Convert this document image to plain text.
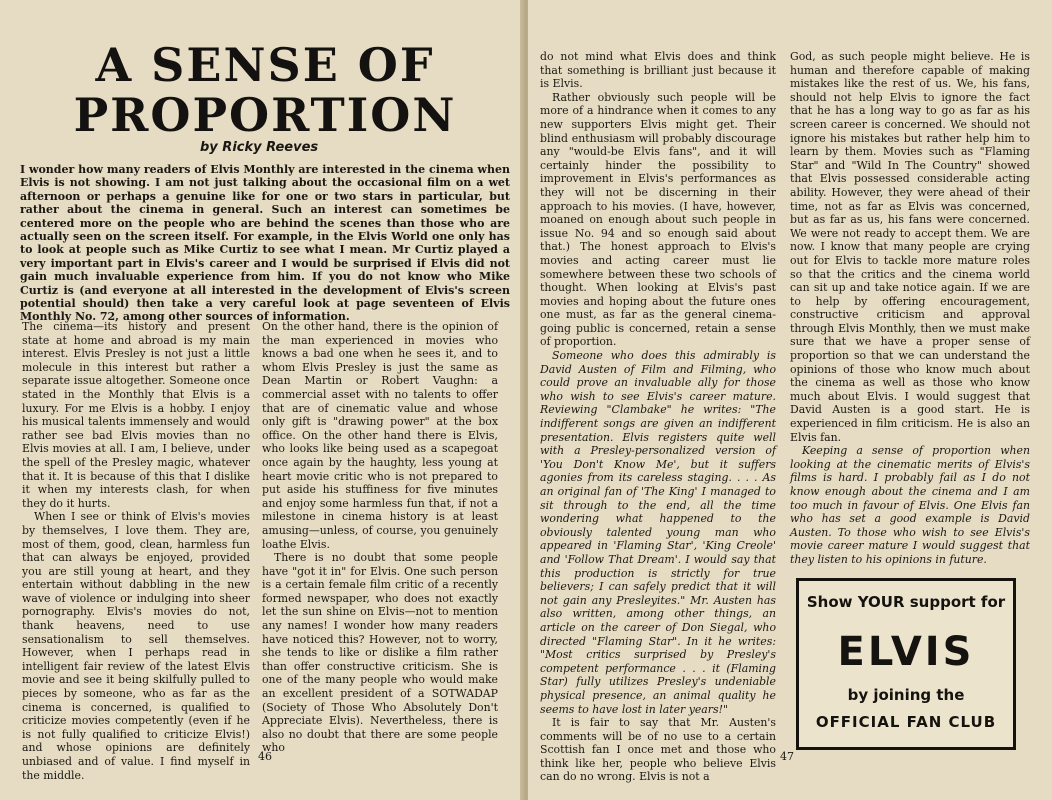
A SENSE OF PROPORTION
by Ricky Reeves

I wonder how many readers of Elvis Monthly are interested in the cinema when Elvis is not showing. I am not just talking about the occasional film on a wet afternoon or perhaps a genuine like for one or two stars in particular, but rather about the cinema in general. Such an interest can sometimes be centered more on the people who are behind the scenes than those who are actually seen on the screen itself. For example, in the Elvis World one only has to look at people such as Mike Curtiz to see what I mean. Mr Curtiz played a very important part in Elvis's career and I would be surprised if Elvis did not gain much invaluable experience from him. If you do not know who Mike Curtiz is (and everyone at all interested in the development of Elvis's screen potential should) then take a very careful look at page seventeen of Elvis Monthly No. 72, among other sources of information.

The cinema—its history and present state at home and abroad is my main interest. Elvis Presley is not just a little molecule in this interest but rather a separate issue altogether. Someone once stated in the Monthly that Elvis is a luxury. For me Elvis is a hobby. I enjoy his musical talents immensely and would rather see bad Elvis movies than no Elvis movies at all. I am, I believe, under the spell of the Presley magic, whatever that it. It is because of this that I dislike it when my interests clash, for when they do it hurts.

When I see or think of Elvis's movies by themselves, I love them. They are, most of them, good, clean, harmless fun that can always be enjoyed, provided you are still young at heart, and they entertain without dabbling in the new wave of violence or indulging into sheer pornography. Elvis's movies do not, thank heavens, need to use sensationalism to sell themselves. However, when I perhaps read in intelligent fair review of the latest Elvis movie and see it being skilfully pulled to pieces by someone, who as far as the cinema is concerned, is qualified to criticize movies competently (even if he is not fully qualified to criticize Elvis!) and whose opinions are definitely unbiased and of value. I find myself in the middle.

On the other hand, there is the opinion of the man experienced in movies who knows a bad one when he sees it, and to whom Elvis Presley is just the same as Dean Martin or Robert Vaughn: a commercial asset with no talents to offer that are of cinematic value and whose only gift is "drawing power" at the box office. On the other hand there is Elvis, who looks like being used as a scapegoat once again by the haughty, less young at heart movie critic who is not prepared to put aside his stuffiness for five minutes and enjoy some harmless fun that, if not a milestone in cinema history is at least amusing—unless, of course, you genuinely loathe Elvis.

There is no doubt that some people have "got it in" for Elvis. One such person is a certain female film critic of a recently formed newspaper, who does not exactly let the sun shine on Elvis—not to mention any names! I wonder how many readers have noticed this? However, not to worry, she tends to like or dislike a film rather than offer constructive criticism. She is one of the many people who would make an excellent president of a SOTWADAP (Society of Those Who Absolutely Don't Appreciate Elvis). Nevertheless, there is also no doubt that there are some people who

46

do not mind what Elvis does and think that something is brilliant just because it is Elvis.

Rather obviously such people will be more of a hindrance when it comes to any new supporters Elvis might get. Their blind enthusiasm will probably discourage any "would-be Elvis fans", and it will certainly hinder the possibility to improvement in Elvis's performances as they will not be discerning in their approach to his movies. (I have, however, moaned on enough about such people in issue No. 94 and so enough said about that.) The honest approach to Elvis's movies and acting career must lie somewhere between these two schools of thought. When looking at Elvis's past movies and hoping about the future ones one must, as far as the general cinema-going public is concerned, retain a sense of proportion.

Someone who does this admirably is David Austen of Film and Filming, who could prove an invaluable ally for those who wish to see Elvis's career mature. Reviewing "Clambake" he writes: "The indifferent songs are given an indifferent presentation. Elvis registers quite well with a Presley-personalized version of 'You Don't Know Me', but it suffers agonies from its careless staging. . . . As an original fan of 'The King' I managed to sit through to the end, all the time wondering what happened to the obviously talented young man who appeared in 'Flaming Star', 'King Creole' and 'Follow That Dream'. I would say that this production is strictly for true believers; I can safely predict that it will not gain any Presleyites." Mr. Austen has also written, among other things, an article on the career of Don Siegal, who directed "Flaming Star". In it he writes: "Most critics surprised by Presley's competent performance . . . it (Flaming Star) fully utilizes Presley's undeniable physical presence, an animal quality he seems to have lost in later years!"

It is fair to say that Mr. Austen's comments will be of no use to a certain Scottish fan I once met and those who think like her, people who believe Elvis can do no wrong. Elvis is not a

God, as such people might believe. He is human and therefore capable of making mistakes like the rest of us. We, his fans, should not help Elvis to ignore the fact that he has a long way to go as far as his screen career is concerned. We should not ignore his mistakes but rather help him to learn by them. Movies such as "Flaming Star" and "Wild In The Country" showed that Elvis possessed considerable acting ability. However, they were ahead of their time, not as far as Elvis was concerned, but as far as us, his fans were concerned. We were not ready to accept them. We are now. I know that many people are crying out for Elvis to tackle more mature roles so that the critics and the cinema world can sit up and take notice again. If we are to help by offering encouragement, constructive criticism and approval through Elvis Monthly, then we must make sure that we have a proper sense of proportion so that we can understand the opinions of those who know much about the cinema as well as those who know much about Elvis. I would suggest that David Austen is a good start. He is experienced in film criticism. He is also an Elvis fan.

Keeping a sense of proportion when looking at the cinematic merits of Elvis's films is hard. I probably fail as I do not know enough about the cinema and I am too much in favour of Elvis. One Elvis fan who has set a good example is David Austen. To those who wish to see Elvis's movie career mature I would suggest that they listen to his opinions in future.

Show YOUR support for
ELVIS
by joining the
OFFICIAL FAN CLUB
47
